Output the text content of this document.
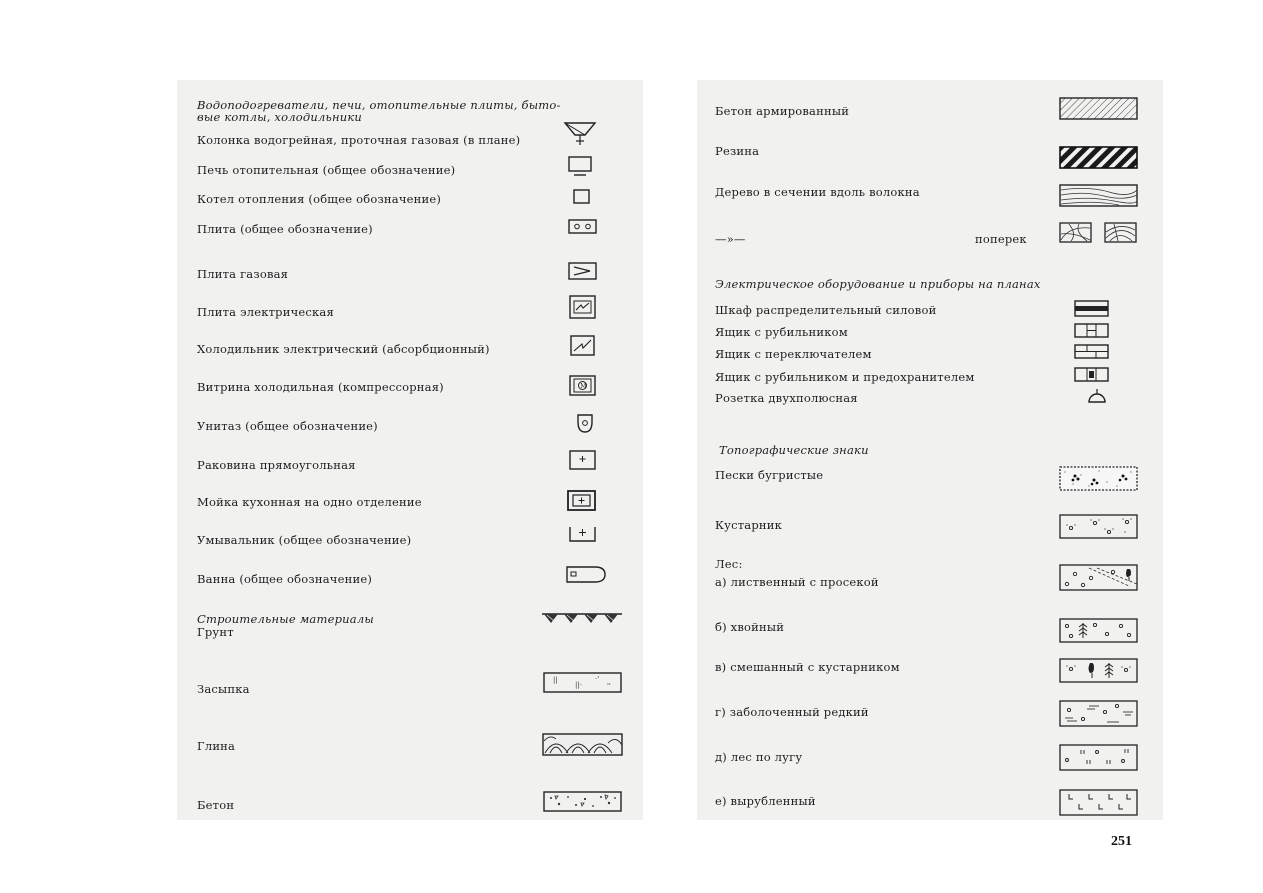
Водоподогреватели, печи, отопительные плиты, быто-
вые котлы, холодильники
Колонка водогрейная, проточная газовая (в плане)
Печь отопительная (общее обозначение)
Котел отопления (общее обозначение)
Плита (общее обозначение)
Плита газовая
Плита электрическая
Холодильник электрический (абсорбционный)
Витрина холодильная (компрессорная)	M
Унитаз (общее обозначение)
Раковина прямоугольная
Мойка кухонная на одно отделение
Умывальник (общее обозначение)
Ванна (общее обозначение)
Строительные материалы
Грунт
Засыпка
||
||·
·'
''
Глина
Бетон
Бетон армированный
Резина
Дерево в сечении вдоль волокна
—»—	поперек
Электрическое оборудование и приборы на планах
Шкаф распределительный силовой
Ящик с рубильником
Ящик с переключателем
Ящик с рубильником и предохранителем
Розетка двухполюсная
Топографические знаки
Пески бугристые
Кустарник
Лес:
а) лиственный с просекой
б) хвойный
в) смешанный с кустарником
г) заболоченный редкий
д) лес по лугу
е) вырубленный
251
